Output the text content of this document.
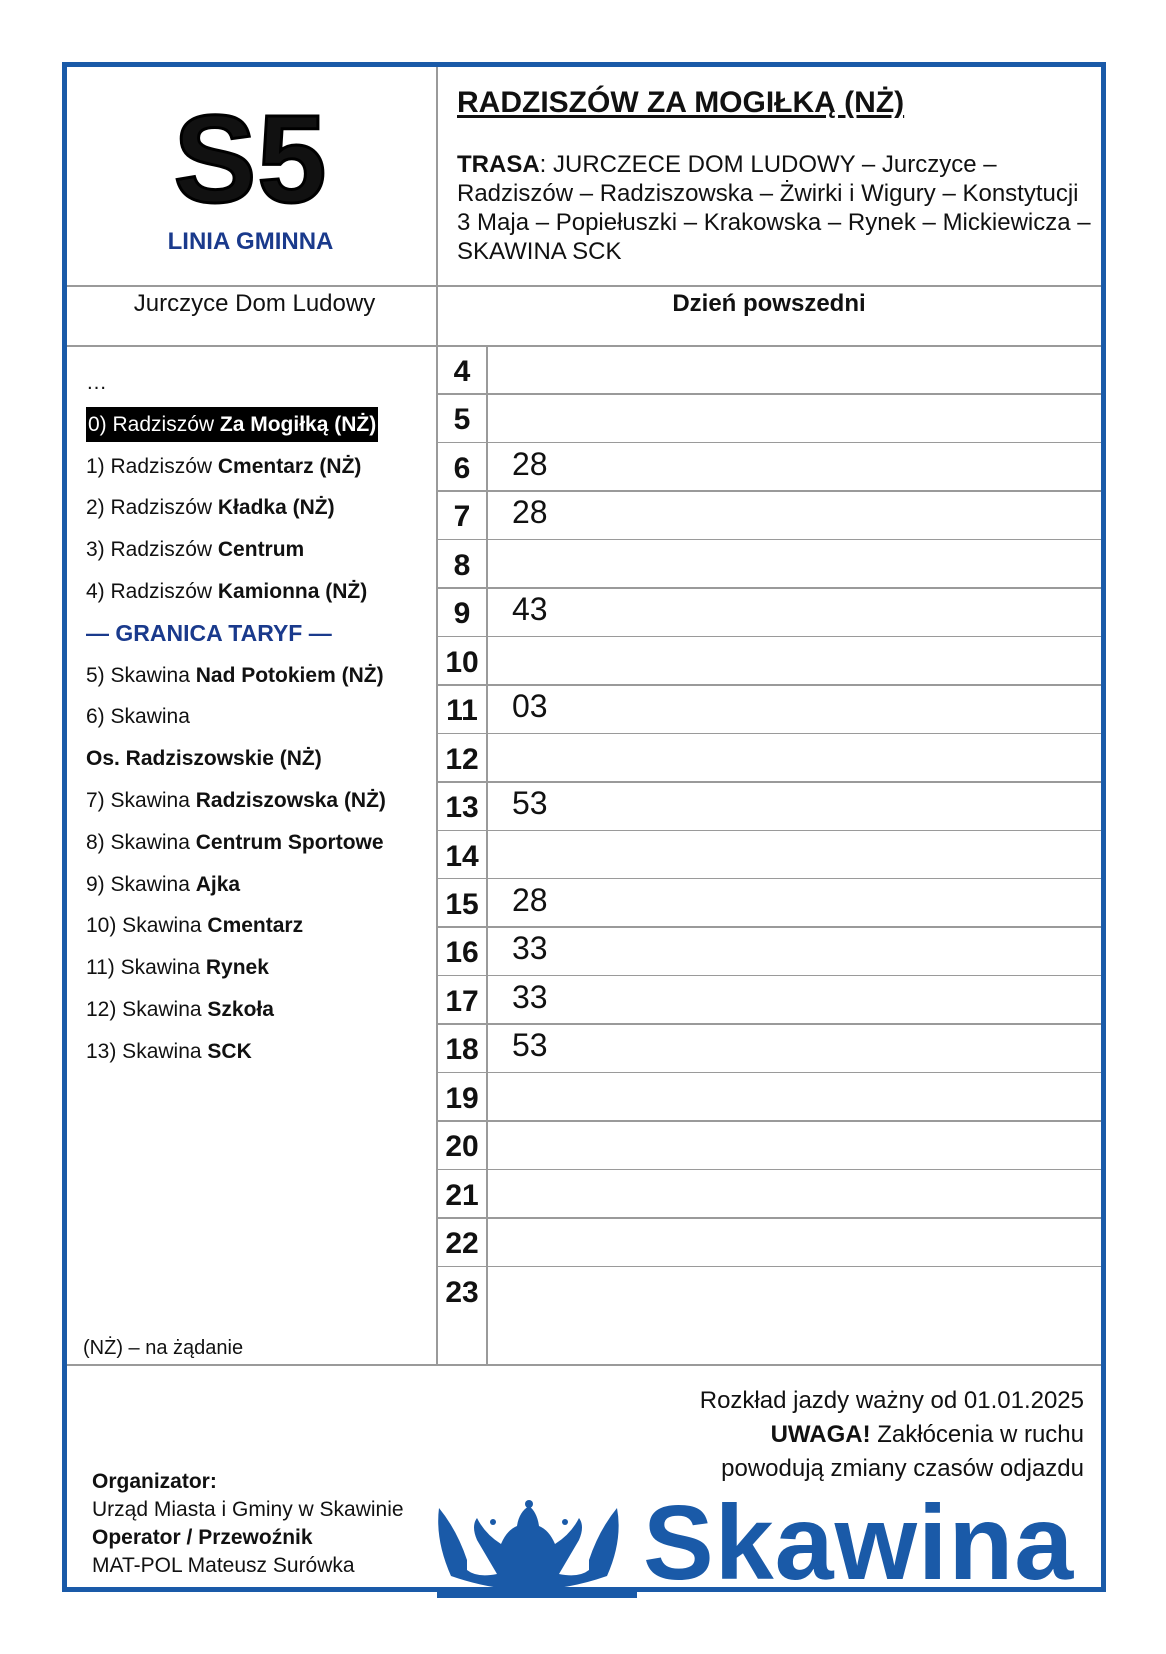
S5
LINIA GMINNA
RADZISZÓW ZA MOGIŁKĄ (NŻ)
TRASA: JURCZECE DOM LUDOWY – Jurczyce – Radziszów – Radziszowska – Żwirki i Wigury – Konstytucji 3 Maja – Popiełuszki – Krakowska – Rynek – Mickiewicza – SKAWINA SCK
Jurczyce Dom Ludowy	Dzień powszedni
…
0) Radziszów Za Mogiłką (NŻ)
1) Radziszów Cmentarz (NŻ)
2) Radziszów Kładka (NŻ)
3) Radziszów Centrum
4) Radziszów Kamionna (NŻ)
— GRANICA TARYF —
5) Skawina Nad Potokiem (NŻ)
6) Skawina
Os. Radziszowskie (NŻ)
7) Skawina Radziszowska (NŻ)
8) Skawina Centrum Sportowe
9) Skawina Ajka
10) Skawina Cmentarz
11) Skawina Rynek
12) Skawina Szkoła
13) Skawina SCK
(NŻ) – na żądanie
4
5
6	28
7	28
8
9	43
10
11 03
12
13 53
14
15 28
16 33
17 33
18 53
19
20
21
22
23
Rozkład jazdy ważny od 01.01.2025
UWAGA! Zakłócenia w ruchu
powodują zmiany czasów odjazdu
Organizator:
Urząd Miasta i Gminy w Skawinie
Operator / Przewoźnik
MAT-POL Mateusz Surówka	Skawina
